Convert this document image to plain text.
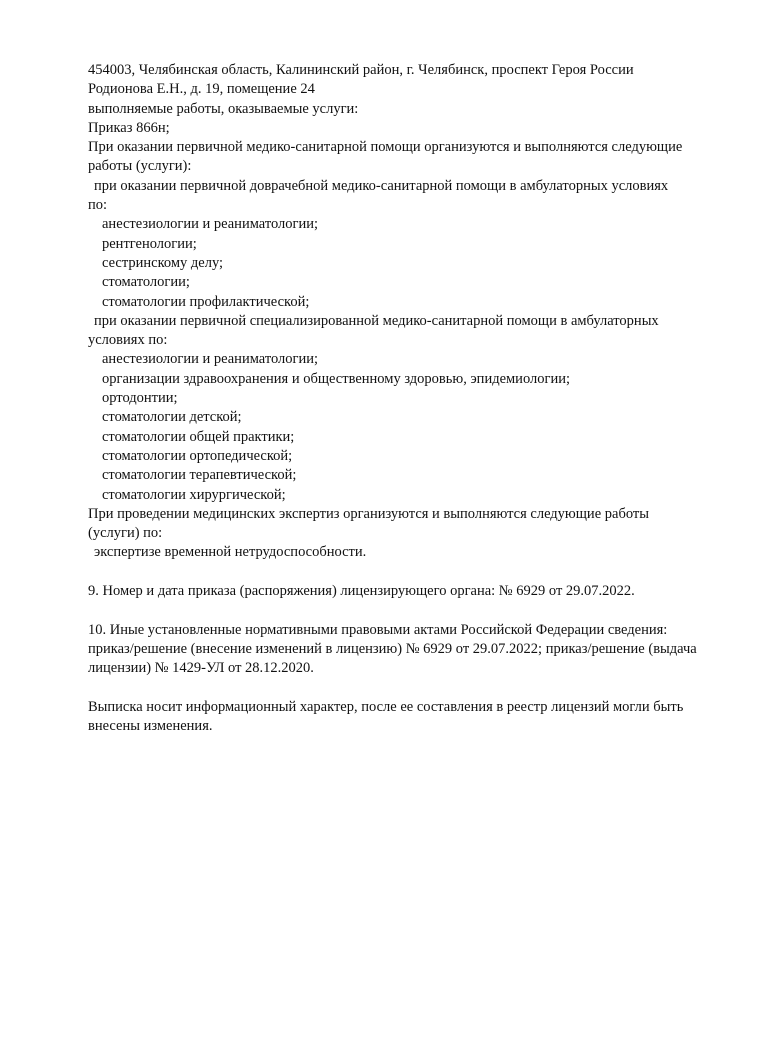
454003, Челябинская область, Калининский район, г. Челябинск, проспект Героя России
Родионова Е.Н., д. 19, помещение 24
выполняемые работы, оказываемые услуги:
Приказ 866н;
При оказании первичной медико-санитарной помощи организуются и выполняются следующие
работы (услуги):
при оказании первичной доврачебной медико-санитарной помощи в амбулаторных условиях
по:
анестезиологии и реаниматологии;
рентгенологии;
сестринскому делу;
стоматологии;
стоматологии профилактической;
при оказании первичной специализированной медико-санитарной помощи в амбулаторных
условиях по:
анестезиологии и реаниматологии;
организации здравоохранения и общественному здоровью, эпидемиологии;
ортодонтии;
стоматологии детской;
стоматологии общей практики;
стоматологии ортопедической;
стоматологии терапевтической;
стоматологии хирургической;
При проведении медицинских экспертиз организуются и выполняются следующие работы
(услуги) по:
экспертизе временной нетрудоспособности.
9. Номер и дата приказа (распоряжения) лицензирующего органа: № 6929 от 29.07.2022.
10. Иные установленные нормативными правовыми актами Российской Федерации сведения:
приказ/решение (внесение изменений в лицензию) № 6929 от 29.07.2022; приказ/решение (выдача
лицензии) № 1429-УЛ от 28.12.2020.
Выписка носит информационный характер, после ее составления в реестр лицензий могли быть
внесены изменения.
